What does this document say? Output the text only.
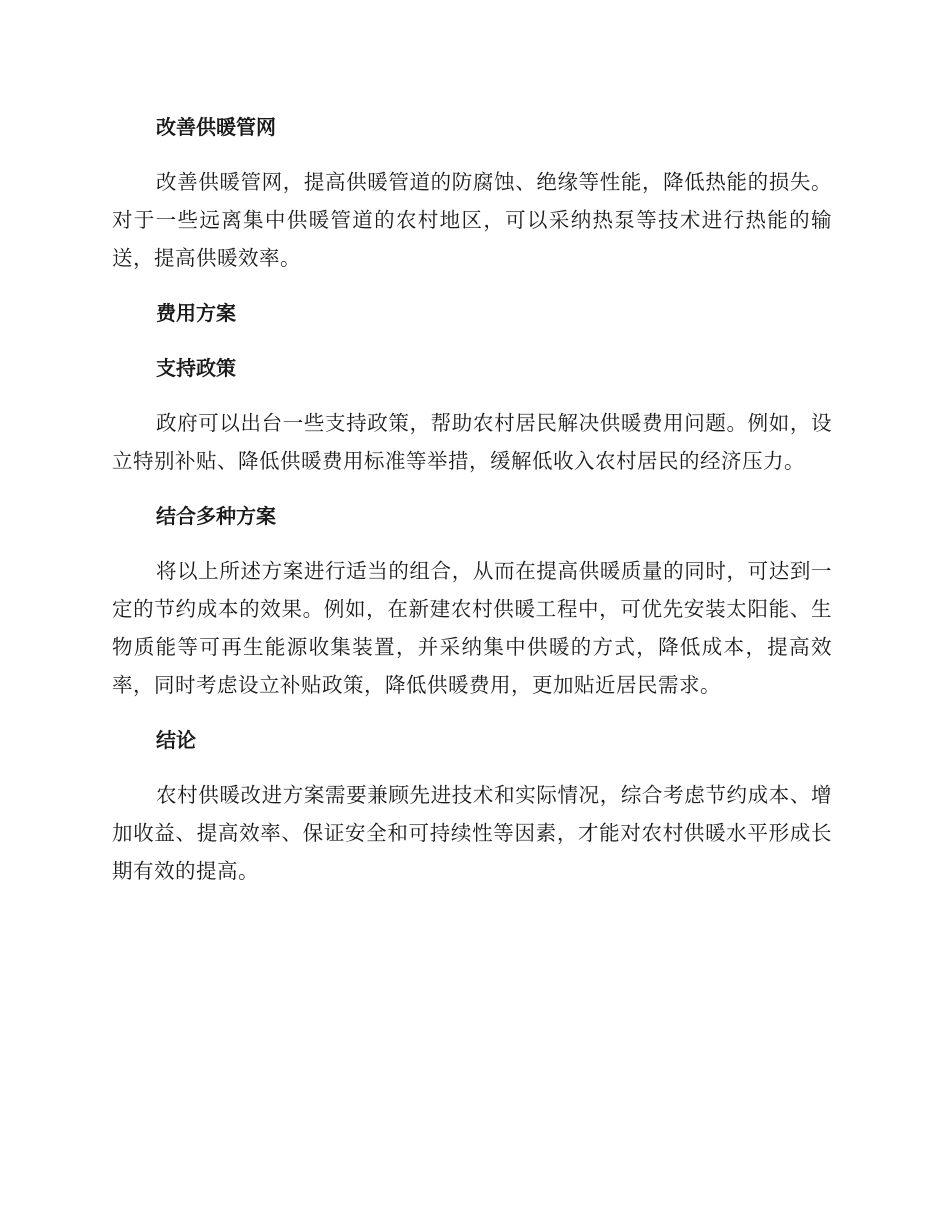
改善供暖管网

改善供暖管网，提高供暖管道的防腐蚀、绝缘等性能，降低热能的损失。对于一些远离集中供暖管道的农村地区，可以采纳热泵等技术进行热能的输送，提高供暖效率。

费用方案
支持政策

政府可以出台一些支持政策，帮助农村居民解决供暖费用问题。例如，设立特别补贴、降低供暖费用标准等举措，缓解低收入农村居民的经济压力。

结合多种方案

将以上所述方案进行适当的组合，从而在提高供暖质量的同时，可达到一定的节约成本的效果。例如，在新建农村供暖工程中，可优先安装太阳能、生物质能等可再生能源收集装置，并采纳集中供暖的方式，降低成本，提高效率，同时考虑设立补贴政策，降低供暖费用，更加贴近居民需求。

结论

农村供暖改进方案需要兼顾先进技术和实际情况，综合考虑节约成本、增加收益、提高效率、保证安全和可持续性等因素，才能对农村供暖水平形成长期有效的提高。
